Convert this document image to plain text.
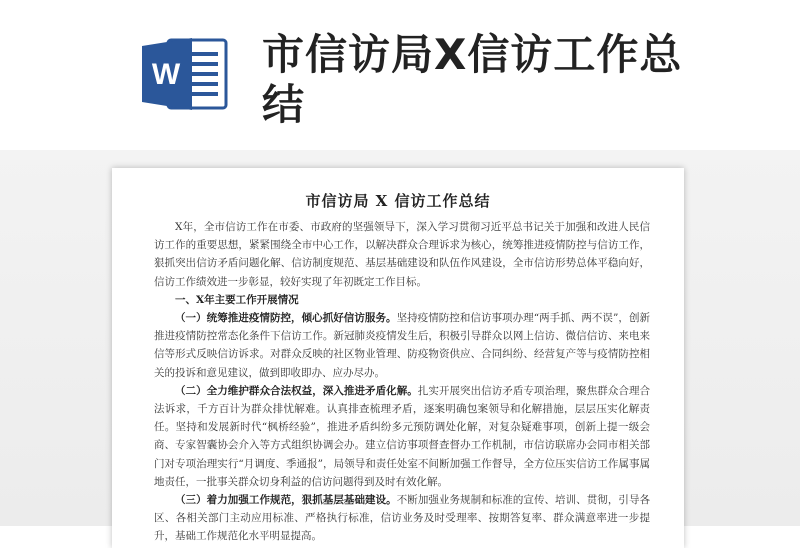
W 市信访局X信访工作总结
市信访局 X 信访工作总结

X年，全市信访工作在市委、市政府的坚强领导下，深入学习贯彻习近平总书记关于加强和改进人民信访工作的重要思想，紧紧围绕全市中心工作，以解决群众合理诉求为核心，统筹推进疫情防控与信访工作，狠抓突出信访矛盾问题化解、信访制度规范、基层基础建设和队伍作风建设，全市信访形势总体平稳向好，信访工作绩效进一步彰显，较好实现了年初既定工作目标。

一、X年主要工作开展情况

（一）统筹推进疫情防控，倾心抓好信访服务。坚持疫情防控和信访事项办理“两手抓、两不误”，创新推进疫情防控常态化条件下信访工作。新冠肺炎疫情发生后，积极引导群众以网上信访、微信信访、来电来信等形式反映信访诉求。对群众反映的社区物业管理、防疫物资供应、合同纠纷、经营复产等与疫情防控相关的投诉和意见建议，做到即收即办、应办尽办。

（二）全力维护群众合法权益，深入推进矛盾化解。扎实开展突出信访矛盾专项治理，聚焦群众合理合法诉求，千方百计为群众排忧解难。认真排查梳理矛盾，逐案明确包案领导和化解措施，层层压实化解责任。坚持和发展新时代“枫桥经验”，推进矛盾纠纷多元预防调处化解，对复杂疑难事项，创新上提一级会商、专家智囊协会介入等方式组织协调会办。建立信访事项督查督办工作机制，市信访联席办会同市相关部门对专项治理实行“月调度、季通报”，局领导和责任处室不间断加强工作督导，全方位压实信访工作属事属地责任，一批事关群众切身利益的信访问题得到及时有效化解。

（三）着力加强工作规范，狠抓基层基础建设。不断加强业务规制和标准的宣传、培训、贯彻，引导各区、各相关部门主动应用标准、严格执行标准，信访业务及时受理率、按期答复率、群众满意率进一步提升，基础工作规范化水平明显提高。
